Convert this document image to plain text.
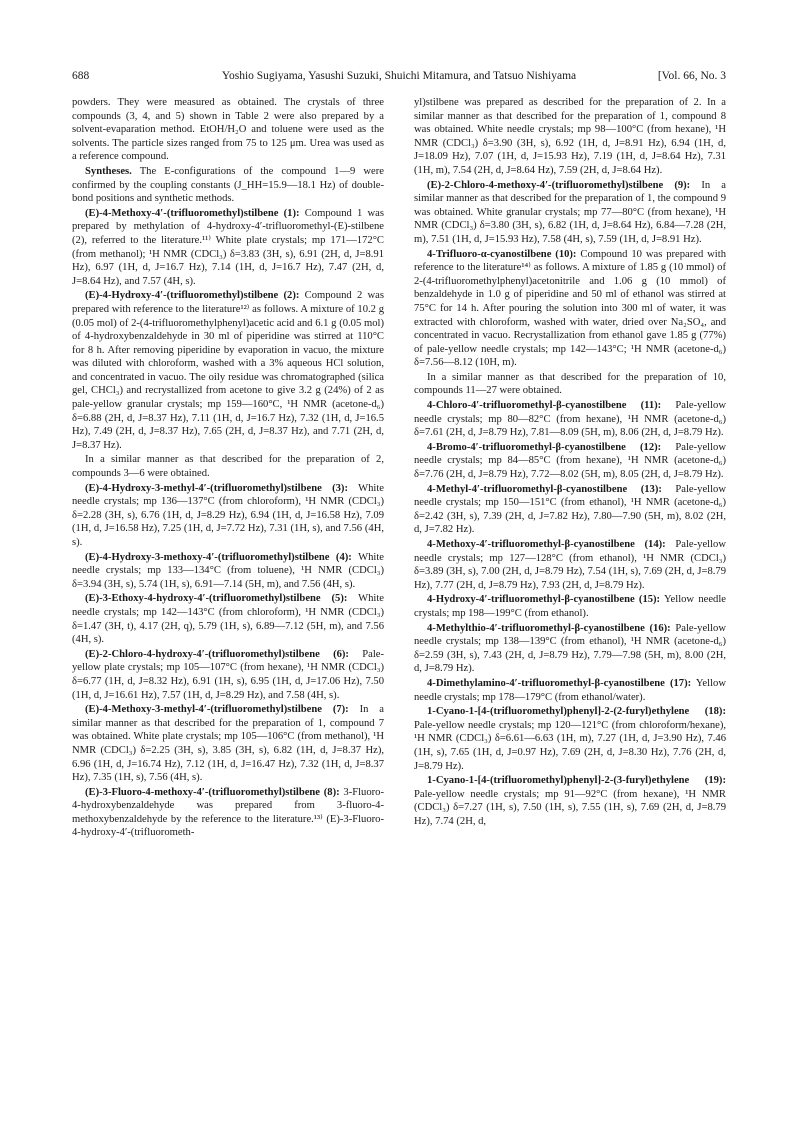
688	Yoshio Sugiyama, Yasushi Suzuki, Shuichi Mitamura, and Tatsuo Nishiyama	[Vol. 66, No. 3

powders. They were measured as obtained. The crystals of three compounds (3, 4, and 5) shown in Table 2 were also prepared by a solvent-evaparation method. EtOH/H₂O and toluene were used as the solvents. The particle sizes ranged from 75 to 125 μm. Urea was used as a reference compound.

Syntheses. The E-configurations of the compound 1—9 were confirmed by the coupling constants (J_HH=15.9—18.1 Hz) of double-bond positions and synthetic methods.

(E)-4-Methoxy-4′-(trifluoromethyl)stilbene (1): Compound 1 was prepared by methylation of 4-hydroxy-4′-trifluoromethyl-(E)-stilbene (2), referred to the literature.¹¹⁾ White plate crystals; mp 171—172°C (from methanol); ¹H NMR (CDCl₃) δ=3.83 (3H, s), 6.91 (2H, d, J=8.91 Hz), 6.97 (1H, d, J=16.7 Hz), 7.14 (1H, d, J=16.7 Hz), 7.47 (2H, d, J=8.64 Hz), and 7.57 (4H, s).

(E)-4-Hydroxy-4′-(trifluoromethyl)stilbene (2): Compound 2 was prepared with reference to the literature¹²⁾ as follows. A mixture of 10.2 g (0.05 mol) of 2-(4-trifluoromethylphenyl)acetic acid and 6.1 g (0.05 mol) of 4-hydroxybenzaldehyde in 30 ml of piperidine was stirred at 110°C for 8 h. After removing piperidine by evaporation in vacuo, the mixture was diluted with chloroform, washed with a 3% aqueous HCl solution, and concentrated in vacuo. The oily residue was chromatographed (silica gel, CHCl₃) and recrystallized from acetone to give 3.2 g (24%) of 2 as pale-yellow granular crystals; mp 159—160°C, ¹H NMR (acetone-d₆) δ=6.88 (2H, d, J=8.37 Hz), 7.11 (1H, d, J=16.7 Hz), 7.32 (1H, d, J=16.5 Hz), 7.49 (2H, d, J=8.37 Hz), 7.65 (2H, d, J=8.37 Hz), and 7.71 (2H, d, J=8.37 Hz).

In a similar manner as that described for the preparation of 2, compounds 3—6 were obtained.

(E)-4-Hydroxy-3-methyl-4′-(trifluoromethyl)stilbene (3): White needle crystals; mp 136—137°C (from chloroform), ¹H NMR (CDCl₃) δ=2.28 (3H, s), 6.76 (1H, d, J=8.29 Hz), 6.94 (1H, d, J=16.58 Hz), 7.09 (1H, d, J=16.58 Hz), 7.25 (1H, d, J=7.72 Hz), 7.31 (1H, s), and 7.56 (4H, s).

(E)-4-Hydroxy-3-methoxy-4′-(trifluoromethyl)stilbene (4): White needle crystals; mp 133—134°C (from toluene), ¹H NMR (CDCl₃) δ=3.94 (3H, s), 5.74 (1H, s), 6.91—7.14 (5H, m), and 7.56 (4H, s).

(E)-3-Ethoxy-4-hydroxy-4′-(trifluoromethyl)stilbene (5): White needle crystals; mp 142—143°C (from chloroform), ¹H NMR (CDCl₃) δ=1.47 (3H, t), 4.17 (2H, q), 5.79 (1H, s), 6.89—7.12 (5H, m), and 7.56 (4H, s).

(E)-2-Chloro-4-hydroxy-4′-(trifluoromethyl)stilbene (6): Pale-yellow plate crystals; mp 105—107°C (from hexane), ¹H NMR (CDCl₃) δ=6.77 (1H, d, J=8.32 Hz), 6.91 (1H, s), 6.95 (1H, d, J=17.06 Hz), 7.50 (1H, d, J=16.61 Hz), 7.57 (1H, d, J=8.29 Hz), and 7.58 (4H, s).

(E)-4-Methoxy-3-methyl-4′-(trifluoromethyl)stilbene (7): In a similar manner as that described for the preparation of 1, compound 7 was obtained. White plate crystals; mp 105—106°C (from methanol), ¹H NMR (CDCl₃) δ=2.25 (3H, s), 3.85 (3H, s), 6.82 (1H, d, J=8.37 Hz), 6.96 (1H, d, J=16.74 Hz), 7.12 (1H, d, J=16.47 Hz), 7.32 (1H, d, J=8.37 Hz), 7.35 (1H, s), 7.56 (4H, s).

(E)-3-Fluoro-4-methoxy-4′-(trifluoromethyl)stilbene (8): 3-Fluoro-4-hydroxybenzaldehyde was prepared from 3-fluoro-4-methoxybenzaldehyde by the reference to the literature.¹³⁾ (E)-3-Fluoro-4-hydroxy-4′-(trifluorometh-

yl)stilbene was prepared as described for the preparation of 2. In a similar manner as that described for the preparation of 1, compound 8 was obtained. White needle crystals; mp 98—100°C (from hexane), ¹H NMR (CDCl₃) δ=3.90 (3H, s), 6.92 (1H, d, J=8.91 Hz), 6.94 (1H, d, J=18.09 Hz), 7.07 (1H, d, J=15.93 Hz), 7.19 (1H, d, J=8.64 Hz), 7.31 (1H, m), 7.54 (2H, d, J=8.64 Hz), 7.59 (2H, d, J=8.64 Hz).

(E)-2-Chloro-4-methoxy-4′-(trifluoromethyl)stilbene (9): In a similar manner as that described for the preparation of 1, the compound 9 was obtained. White granular crystals; mp 77—80°C (from hexane), ¹H NMR (CDCl₃) δ=3.80 (3H, s), 6.82 (1H, d, J=8.64 Hz), 6.84—7.28 (2H, m), 7.51 (1H, d, J=15.93 Hz), 7.58 (4H, s), 7.59 (1H, d, J=8.91 Hz).

4-Trifluoro-α-cyanostilbene (10): Compound 10 was prepared with reference to the literature¹⁴⁾ as follows. A mixture of 1.85 g (10 mmol) of 2-(4-trifluoromethylphenyl)acetonitrile and 1.06 g (10 mmol) of benzaldehyde in 1.0 g of piperidine and 50 ml of ethanol was stirred at 75°C for 14 h. After pouring the solution into 300 ml of water, it was extracted with chloroform, washed with water, dried over Na₂SO₄, and concentrated in vacuo. Recrystallization from ethanol gave 1.85 g (77%) of pale-yellow needle crystals; mp 142—143°C; ¹H NMR (acetone-d₆) δ=7.56—8.12 (10H, m).

In a similar manner as that described for the preparation of 10, compounds 11—27 were obtained.

4-Chloro-4′-trifluoromethyl-β-cyanostilbene (11): Pale-yellow needle crystals; mp 80—82°C (from hexane), ¹H NMR (acetone-d₆) δ=7.61 (2H, d, J=8.79 Hz), 7.81—8.09 (5H, m), 8.06 (2H, d, J=8.79 Hz).

4-Bromo-4′-trifluoromethyl-β-cyanostilbene (12): Pale-yellow needle crystals; mp 84—85°C (from hexane), ¹H NMR (acetone-d₆) δ=7.76 (2H, d, J=8.79 Hz), 7.72—8.02 (5H, m), 8.05 (2H, d, J=8.79 Hz).

4-Methyl-4′-trifluoromethyl-β-cyanostilbene (13): Pale-yellow needle crystals; mp 150—151°C (from ethanol), ¹H NMR (acetone-d₆) δ=2.42 (3H, s), 7.39 (2H, d, J=7.82 Hz), 7.80—7.90 (5H, m), 8.02 (2H, d, J=7.82 Hz).

4-Methoxy-4′-trifluoromethyl-β-cyanostilbene (14): Pale-yellow needle crystals; mp 127—128°C (from ethanol), ¹H NMR (CDCl₃) δ=3.89 (3H, s), 7.00 (2H, d, J=8.79 Hz), 7.54 (1H, s), 7.69 (2H, d, J=8.79 Hz), 7.77 (2H, d, J=8.79 Hz), 7.93 (2H, d, J=8.79 Hz).

4-Hydroxy-4′-trifluoromethyl-β-cyanostilbene (15): Yellow needle crystals; mp 198—199°C (from ethanol).

4-Methylthio-4′-trifluoromethyl-β-cyanostilbene (16): Pale-yellow needle crystals; mp 138—139°C (from ethanol), ¹H NMR (acetone-d₆) δ=2.59 (3H, s), 7.43 (2H, d, J=8.79 Hz), 7.79—7.98 (5H, m), 8.00 (2H, d, J=8.79 Hz).

4-Dimethylamino-4′-trifluoromethyl-β-cyanostilbene (17): Yellow needle crystals; mp 178—179°C (from ethanol/water).

1-Cyano-1-[4-(trifluoromethyl)phenyl]-2-(2-furyl)ethylene (18): Pale-yellow needle crystals; mp 120—121°C (from chloroform/hexane), ¹H NMR (CDCl₃) δ=6.61—6.63 (1H, m), 7.27 (1H, d, J=3.90 Hz), 7.46 (1H, s), 7.65 (1H, d, J=0.97 Hz), 7.69 (2H, d, J=8.30 Hz), 7.76 (2H, d, J=8.79 Hz).

1-Cyano-1-[4-(trifluoromethyl)phenyl]-2-(3-furyl)ethylene (19): Pale-yellow needle crystals; mp 91—92°C (from hexane), ¹H NMR (CDCl₃) δ=7.27 (1H, s), 7.50 (1H, s), 7.55 (1H, s), 7.69 (2H, d, J=8.79 Hz), 7.74 (2H, d,
